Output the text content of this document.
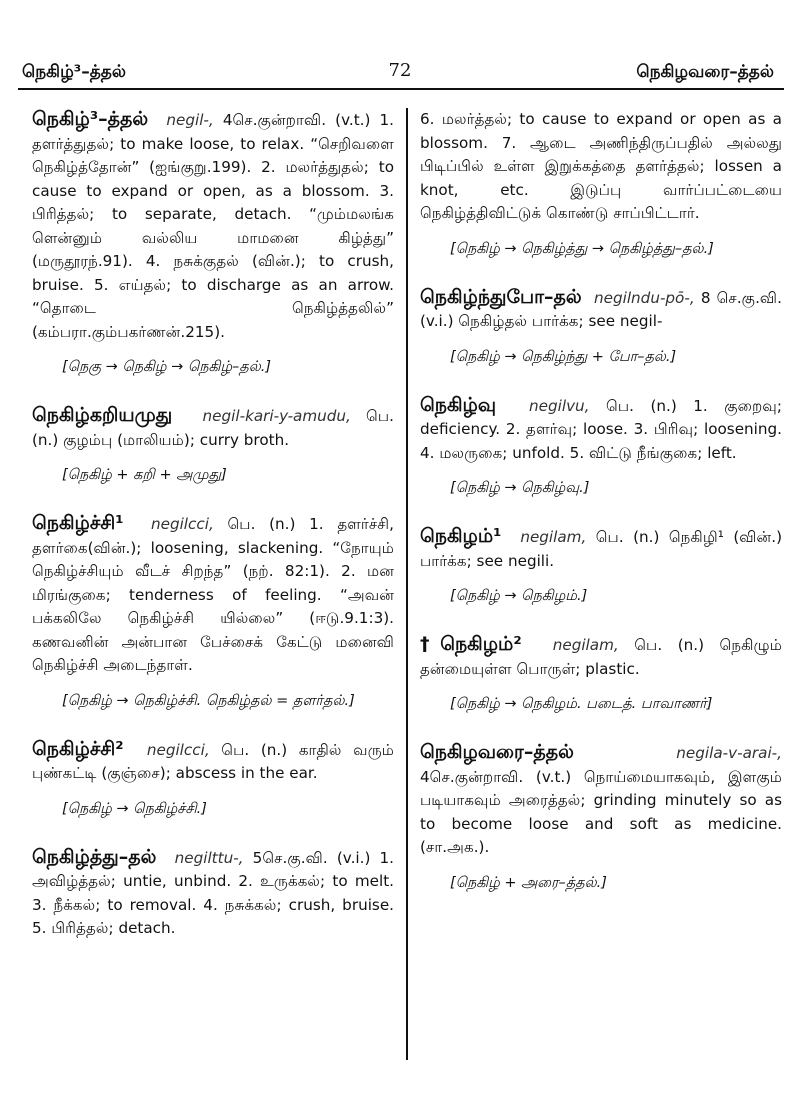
நெகிழ்³–த்தல்	72	நெகிழவரை–த்தல்

நெகிழ்³–த்தல் negil-, 4செ.குன்றாவி. (v.t.) 1. தளர்த்துதல்; to make loose, to relax. “செறிவளை நெகிழ்த்தோன்” (ஐங்குறு.199). 2. மலர்த்துதல்; to cause to expand or open, as a blossom. 3. பிரித்தல்; to separate, detach. “மும்மலங்க ளென்னும் வல்லிய மாமனை கிழ்த்து” (மருதூரந்.91). 4. நசுக்குதல் (வின்.); to crush, bruise. 5. எய்தல்; to discharge as an arrow. “தொடை நெகிழ்த்தலில்” (கம்பரா.கும்பகர்ணன்.215).

[நெகு → நெகிழ் → நெகிழ்–தல்.]

நெகிழ்கறியமுது negil-kari-y-amudu, பெ. (n.) குழம்பு (மாலியம்); curry broth.

[நெகிழ் + கறி + அமுது]

நெகிழ்ச்சி¹ negilcci, பெ. (n.) 1. தளர்ச்சி, தளர்கை(வின்.); loosening, slackening. “நோயும் நெகிழ்ச்சியும் வீடச் சிறந்த” (நற். 82:1). 2. மன மிரங்குகை; tenderness of feeling. “அவன் பக்கலிலே நெகிழ்ச்சி யில்லை” (ஈடு.9.1:3). கணவனின் அன்பான பேச்சைக் கேட்டு மனைவி நெகிழ்ச்சி அடைந்தாள்.

[நெகிழ் → நெகிழ்ச்சி. நெகிழ்தல் = தளர்தல்.]

நெகிழ்ச்சி² negilcci, பெ. (n.) காதில் வரும் புண்கட்டி (குஞ்சை); abscess in the ear.

[நெகிழ் → நெகிழ்ச்சி.]

நெகிழ்த்து–தல் negilttu-, 5செ.கு.வி. (v.i.) 1. அவிழ்த்தல்; untie, unbind. 2. உருக்கல்; to melt. 3. நீக்கல்; to removal. 4. நசுக்கல்; crush, bruise. 5. பிரித்தல்; detach.

6. மலர்த்தல்; to cause to expand or open as a blossom. 7. ஆடை அணிந்திருப்பதில் அல்லது பிடிப்பில் உள்ள இறுக்கத்தை தளர்த்தல்; lossen a knot, etc. இடுப்பு வார்ப்பட்டையை நெகிழ்த்திவிட்டுக் கொண்டு சாப்பிட்டார்.

[நெகிழ் → நெகிழ்த்து → நெகிழ்த்து–தல்.]

நெகிழ்ந்துபோ–தல் negilndu-pō-, 8 செ.கு.வி. (v.i.) நெகிழ்தல் பார்க்க; see negil-

[நெகிழ் → நெகிழ்ந்து + போ–தல்.]

நெகிழ்வு negilvu, பெ. (n.) 1. குறைவு; deficiency. 2. தளர்வு; loose. 3. பிரிவு; loosening. 4. மலருகை; unfold. 5. விட்டு நீங்குகை; left.

[நெகிழ் → நெகிழ்வு.]

நெகிழம்¹ negilam, பெ. (n.) நெகிழி¹ (வின்.) பார்க்க; see negili.

[நெகிழ் → நெகிழம்.]

†நெகிழம்² negilam, பெ. (n.) நெகிழும் தன்மையுள்ள பொருள்; plastic.

[நெகிழ் → நெகிழம். படைத். பாவாணர்]

நெகிழவரை–த்தல்	negila-v-arai-, 4செ.குன்றாவி. (v.t.) நொய்மையாகவும், இளகும் படியாகவும் அரைத்தல்; grinding minutely so as to become loose and soft as medicine. (சா.அக.).

[நெகிழ் + அரை–த்தல்.]
